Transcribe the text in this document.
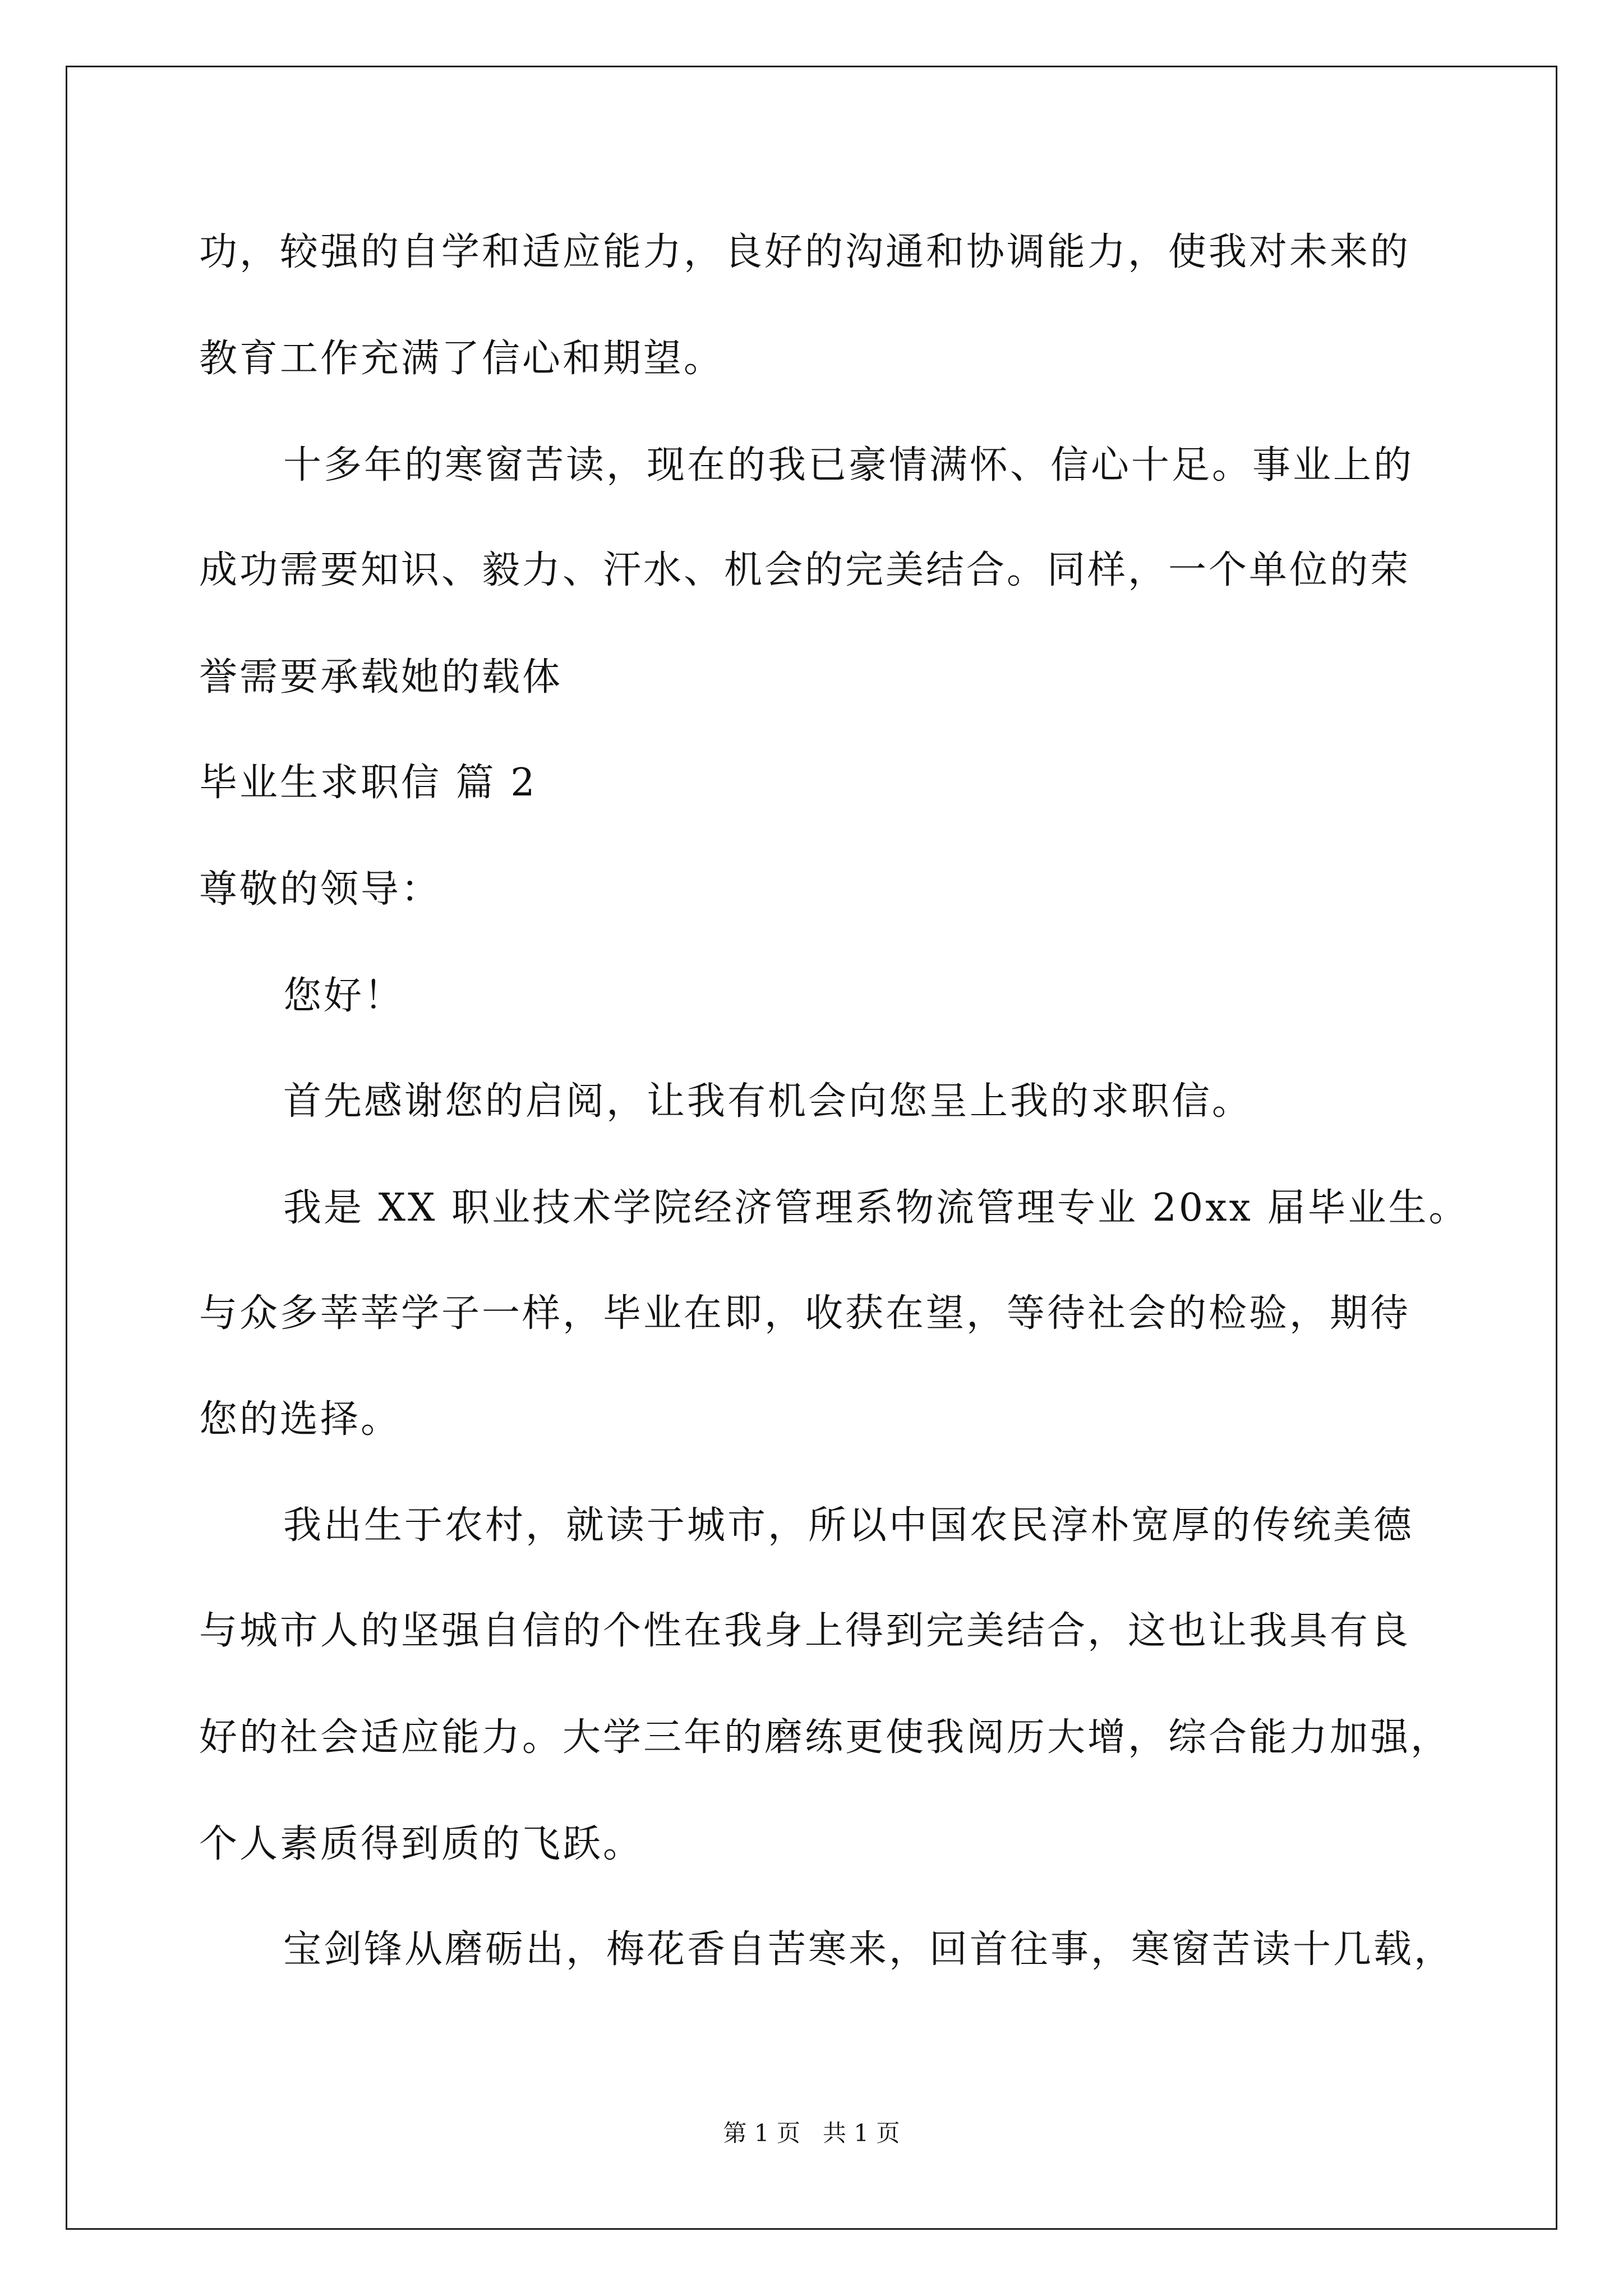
功，较强的自学和适应能力，良好的沟通和协调能力，使我对未来的
教育工作充满了信心和期望。
十多年的寒窗苦读，现在的我已豪情满怀、信心十足。事业上的
成功需要知识、毅力、汗水、机会的完美结合。同样，一个单位的荣
誉需要承载她的载体
毕业生求职信 篇 2
尊敬的领导：
您好！
首先感谢您的启阅，让我有机会向您呈上我的求职信。
我是 XX 职业技术学院经济管理系物流管理专业 20xx 届毕业生。
与众多莘莘学子一样，毕业在即，收获在望，等待社会的检验，期待
您的选择。
我出生于农村，就读于城市，所以中国农民淳朴宽厚的传统美德
与城市人的坚强自信的个性在我身上得到完美结合，这也让我具有良
好的社会适应能力。大学三年的磨练更使我阅历大增，综合能力加强，
个人素质得到质的飞跃。
宝剑锋从磨砺出，梅花香自苦寒来，回首往事，寒窗苦读十几载，
第 1 页   共 1 页
